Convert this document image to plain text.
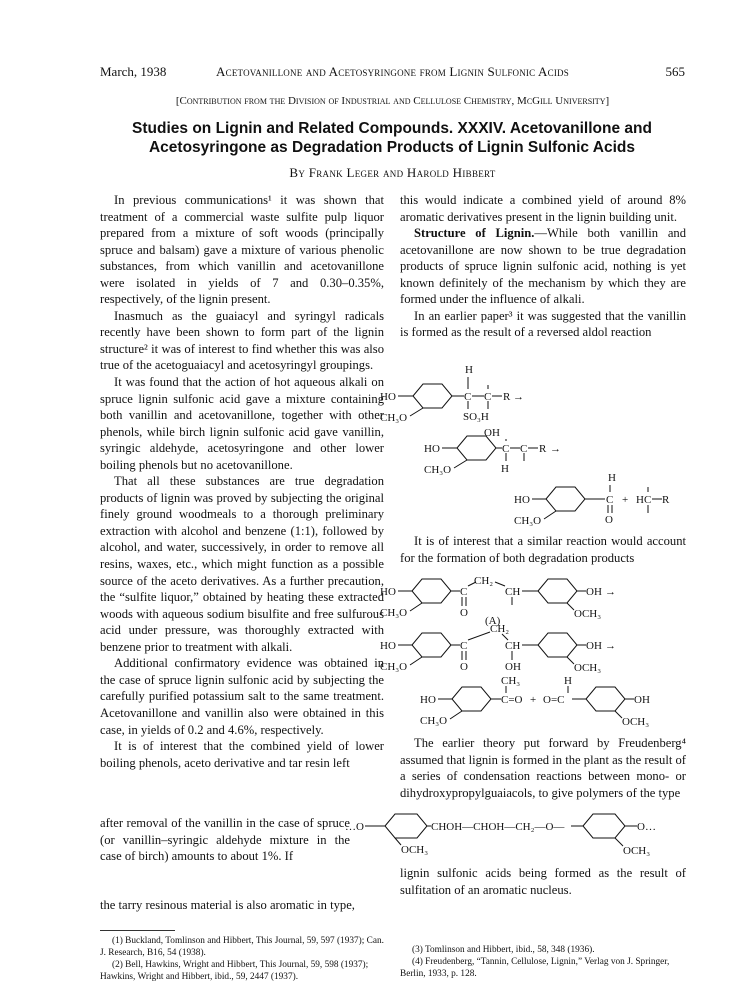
March, 1938	Acetovanillone and Acetosyringone from Lignin Sulfonic Acids	565
[Contribution from the Division of Industrial and Cellulose Chemistry, McGill University]
Studies on Lignin and Related Compounds. XXXIV. Acetovanillone and
Acetosyringone as Degradation Products of Lignin Sulfonic Acids
By Frank Leger and Harold Hibbert

In previous communications¹ it was shown that treatment of a commercial waste sulfite pulp liquor prepared from a mixture of soft woods (principally spruce and balsam) gave a mixture of various phenolic substances, from which vanillin and acetovanillone were isolated in yields of 7 and 0.30–0.35%, respectively, of the lignin present.

Inasmuch as the guaiacyl and syringyl radicals recently have been shown to form part of the lignin structure² it was of interest to find whether this was also true of the acetoguaiacyl and acetosyringyl groupings.

It was found that the action of hot aqueous alkali on spruce lignin sulfonic acid gave a mixture containing both vanillin and acetovanillone, together with other phenols, while birch lignin sulfonic acid gave vanillin, syringic aldehyde, acetosyringone and other lower boiling phenols but no acetovanillone.

That all these substances are true degradation products of lignin was proved by subjecting the original finely ground woodmeals to a thorough preliminary extraction with alcohol and benzene (1:1), followed by alcohol, and water, successively, in order to remove all resins, waxes, etc., which might function as a possible source of the aceto derivatives. As a further precaution, the “sulfite liquor,” obtained by heating these extracted woods with aqueous sodium bisulfite and free sulfurous acid under pressure, was thoroughly extracted with benzene prior to treatment with alkali.

Additional confirmatory evidence was obtained in the case of spruce lignin sulfonic acid by subjecting the carefully purified potassium salt to the same treatment. Acetovanillone and vanillin also were obtained in this case, in yields of 0.2 and 4.6%, respectively.

It is of interest that the combined yield of lower boiling phenols, aceto derivative and tar resin left

after removal of the vanillin in the case of spruce (or vanillin–syringic aldehyde mixture in the case of birch) amounts to about 1%. If

the tarry resinous material is also aromatic in type,

(1) Buckland, Tomlinson and Hibbert, This Journal, 59, 597 (1937); Can. J. Research, B16, 54 (1938).

(2) Bell, Hawkins, Wright and Hibbert, This Journal, 59, 598 (1937); Hawkins, Wright and Hibbert, ibid., 59, 2447 (1937).

this would indicate a combined yield of around 8% aromatic derivatives present in the lignin building unit.

Structure of Lignin.—While both vanillin and acetovanillone are now shown to be true degradation products of spruce lignin sulfonic acid, nothing is yet known definitely of the mechanism by which they are formed under the influence of alkali.

In an earlier paper³ it was suggested that the vanillin is formed as the result of a reversed aldol reaction

H
HO
CH₃O
C C
SO₃H
R →
OH
HO
CH₃O
C C
H
R →
H
HO
CH₃O
C
O
+ H C R

It is of interest that a similar reaction would account for the formation of both degradation products

CH₂
HO
CH₃O
C	CH
O
OH →
OCH₃
(A)
CH₂
HO
CH₃O
C	CH
O	OH
OH →
OCH₃
CH₃	H
HO
CH₃O
C=O + O=C	OH
OCH₃

The earlier theory put forward by Freudenberg⁴ assumed that lignin is formed in the plant as the result of a series of condensation reactions between mono- or dihydroxypropylguaiacols, to give polymers of the type

…O	CHOH—CHOH—CH₂—O—
OCH₃
O…
OCH₃

lignin sulfonic acids being formed as the result of sulfitation of an aromatic nucleus.

(3) Tomlinson and Hibbert, ibid., 58, 348 (1936).

(4) Freudenberg, “Tannin, Cellulose, Lignin,” Verlag von J. Springer, Berlin, 1933, p. 128.
